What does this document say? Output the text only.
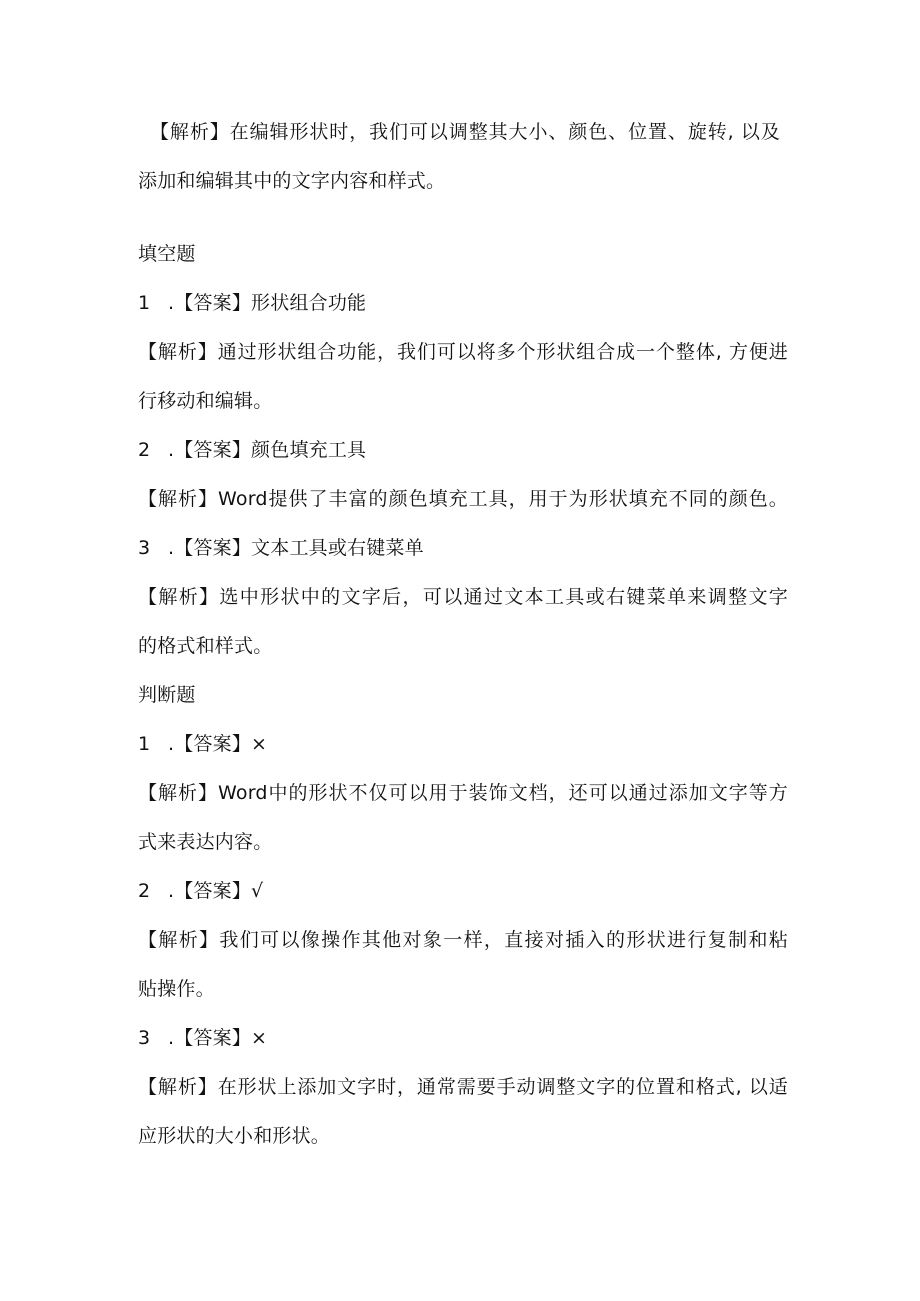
【解析】在编辑形状时，我们可以调整其大小、颜色、位置、旋转, 以及
添加和编辑其中的文字内容和样式。
填空题
1 .【答案】形状组合功能
【解析】通过形状组合功能，我们可以将多个形状组合成一个整体, 方便进
行移动和编辑。
2 .【答案】颜色填充工具
【解析】Word提供了丰富的颜色填充工具，用于为形状填充不同的颜色。
3 .【答案】文本工具或右键菜单
【解析】选中形状中的文字后，可以通过文本工具或右键菜单来调整文字
的格式和样式。
判断题
1 .【答案】×
【解析】Word中的形状不仅可以用于装饰文档，还可以通过添加文字等方
式来表达内容。
2 .【答案】√
【解析】我们可以像操作其他对象一样，直接对插入的形状进行复制和粘
贴操作。
3 .【答案】×
【解析】在形状上添加文字时，通常需要手动调整文字的位置和格式, 以适
应形状的大小和形状。
